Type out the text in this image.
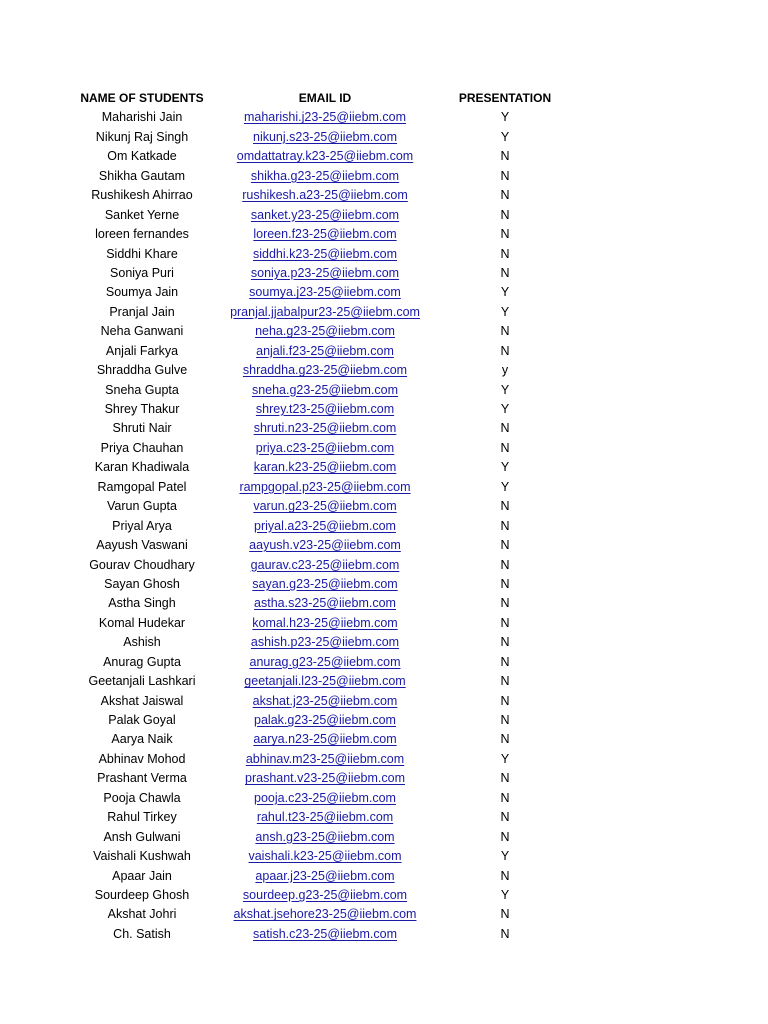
NAME OF STUDENTS	EMAIL ID	PRESENTATION
Maharishi Jain	maharishi.j23-25@iiebm.com	Y
Nikunj Raj Singh	nikunj.s23-25@iiebm.com	Y
Om Katkade	omdattatray.k23-25@iiebm.com	N
Shikha Gautam	shikha.g23-25@iiebm.com	N
Rushikesh Ahirrao	rushikesh.a23-25@iiebm.com	N
Sanket Yerne	sanket.y23-25@iiebm.com	N
loreen fernandes	loreen.f23-25@iiebm.com	N
Siddhi Khare	siddhi.k23-25@iiebm.com	N
Soniya Puri	soniya.p23-25@iiebm.com	N
Soumya Jain	soumya.j23-25@iiebm.com	Y
Pranjal Jain	pranjal.jjabalpur23-25@iiebm.com	Y
Neha Ganwani	neha.g23-25@iiebm.com	N
Anjali Farkya	anjali.f23-25@iiebm.com	N
Shraddha Gulve	shraddha.g23-25@iiebm.com	y
Sneha Gupta	sneha.g23-25@iiebm.com	Y
Shrey Thakur	shrey.t23-25@iiebm.com	Y
Shruti Nair	shruti.n23-25@iiebm.com	N
Priya Chauhan	priya.c23-25@iiebm.com	N
Karan Khadiwala	karan.k23-25@iiebm.com	Y
Ramgopal Patel	rampgopal.p23-25@iiebm.com	Y
Varun Gupta	varun.g23-25@iiebm.com	N
Priyal Arya	priyal.a23-25@iiebm.com	N
Aayush Vaswani	aayush.v23-25@iiebm.com	N
Gourav Choudhary	gaurav.c23-25@iiebm.com	N
Sayan Ghosh	sayan.g23-25@iiebm.com	N
Astha Singh	astha.s23-25@iiebm.com	N
Komal Hudekar	komal.h23-25@iiebm.com	N
Ashish	ashish.p23-25@iiebm.com	N
Anurag Gupta	anurag.g23-25@iiebm.com	N
Geetanjali Lashkari	geetanjali.l23-25@iiebm.com	N
Akshat Jaiswal	akshat.j23-25@iiebm.com	N
Palak Goyal	palak.g23-25@iiebm.com	N
Aarya Naik	aarya.n23-25@iiebm.com	N
Abhinav Mohod	abhinav.m23-25@iiebm.com	Y
Prashant Verma	prashant.v23-25@iiebm.com	N
Pooja Chawla	pooja.c23-25@iiebm.com	N
Rahul Tirkey	rahul.t23-25@iiebm.com	N
Ansh Gulwani	ansh.g23-25@iiebm.com	N
Vaishali Kushwah	vaishali.k23-25@iiebm.com	Y
Apaar Jain	apaar.j23-25@iiebm.com	N
Sourdeep Ghosh	sourdeep.g23-25@iiebm.com	Y
Akshat Johri	akshat.jsehore23-25@iiebm.com	N
Ch. Satish	satish.c23-25@iiebm.com	N
